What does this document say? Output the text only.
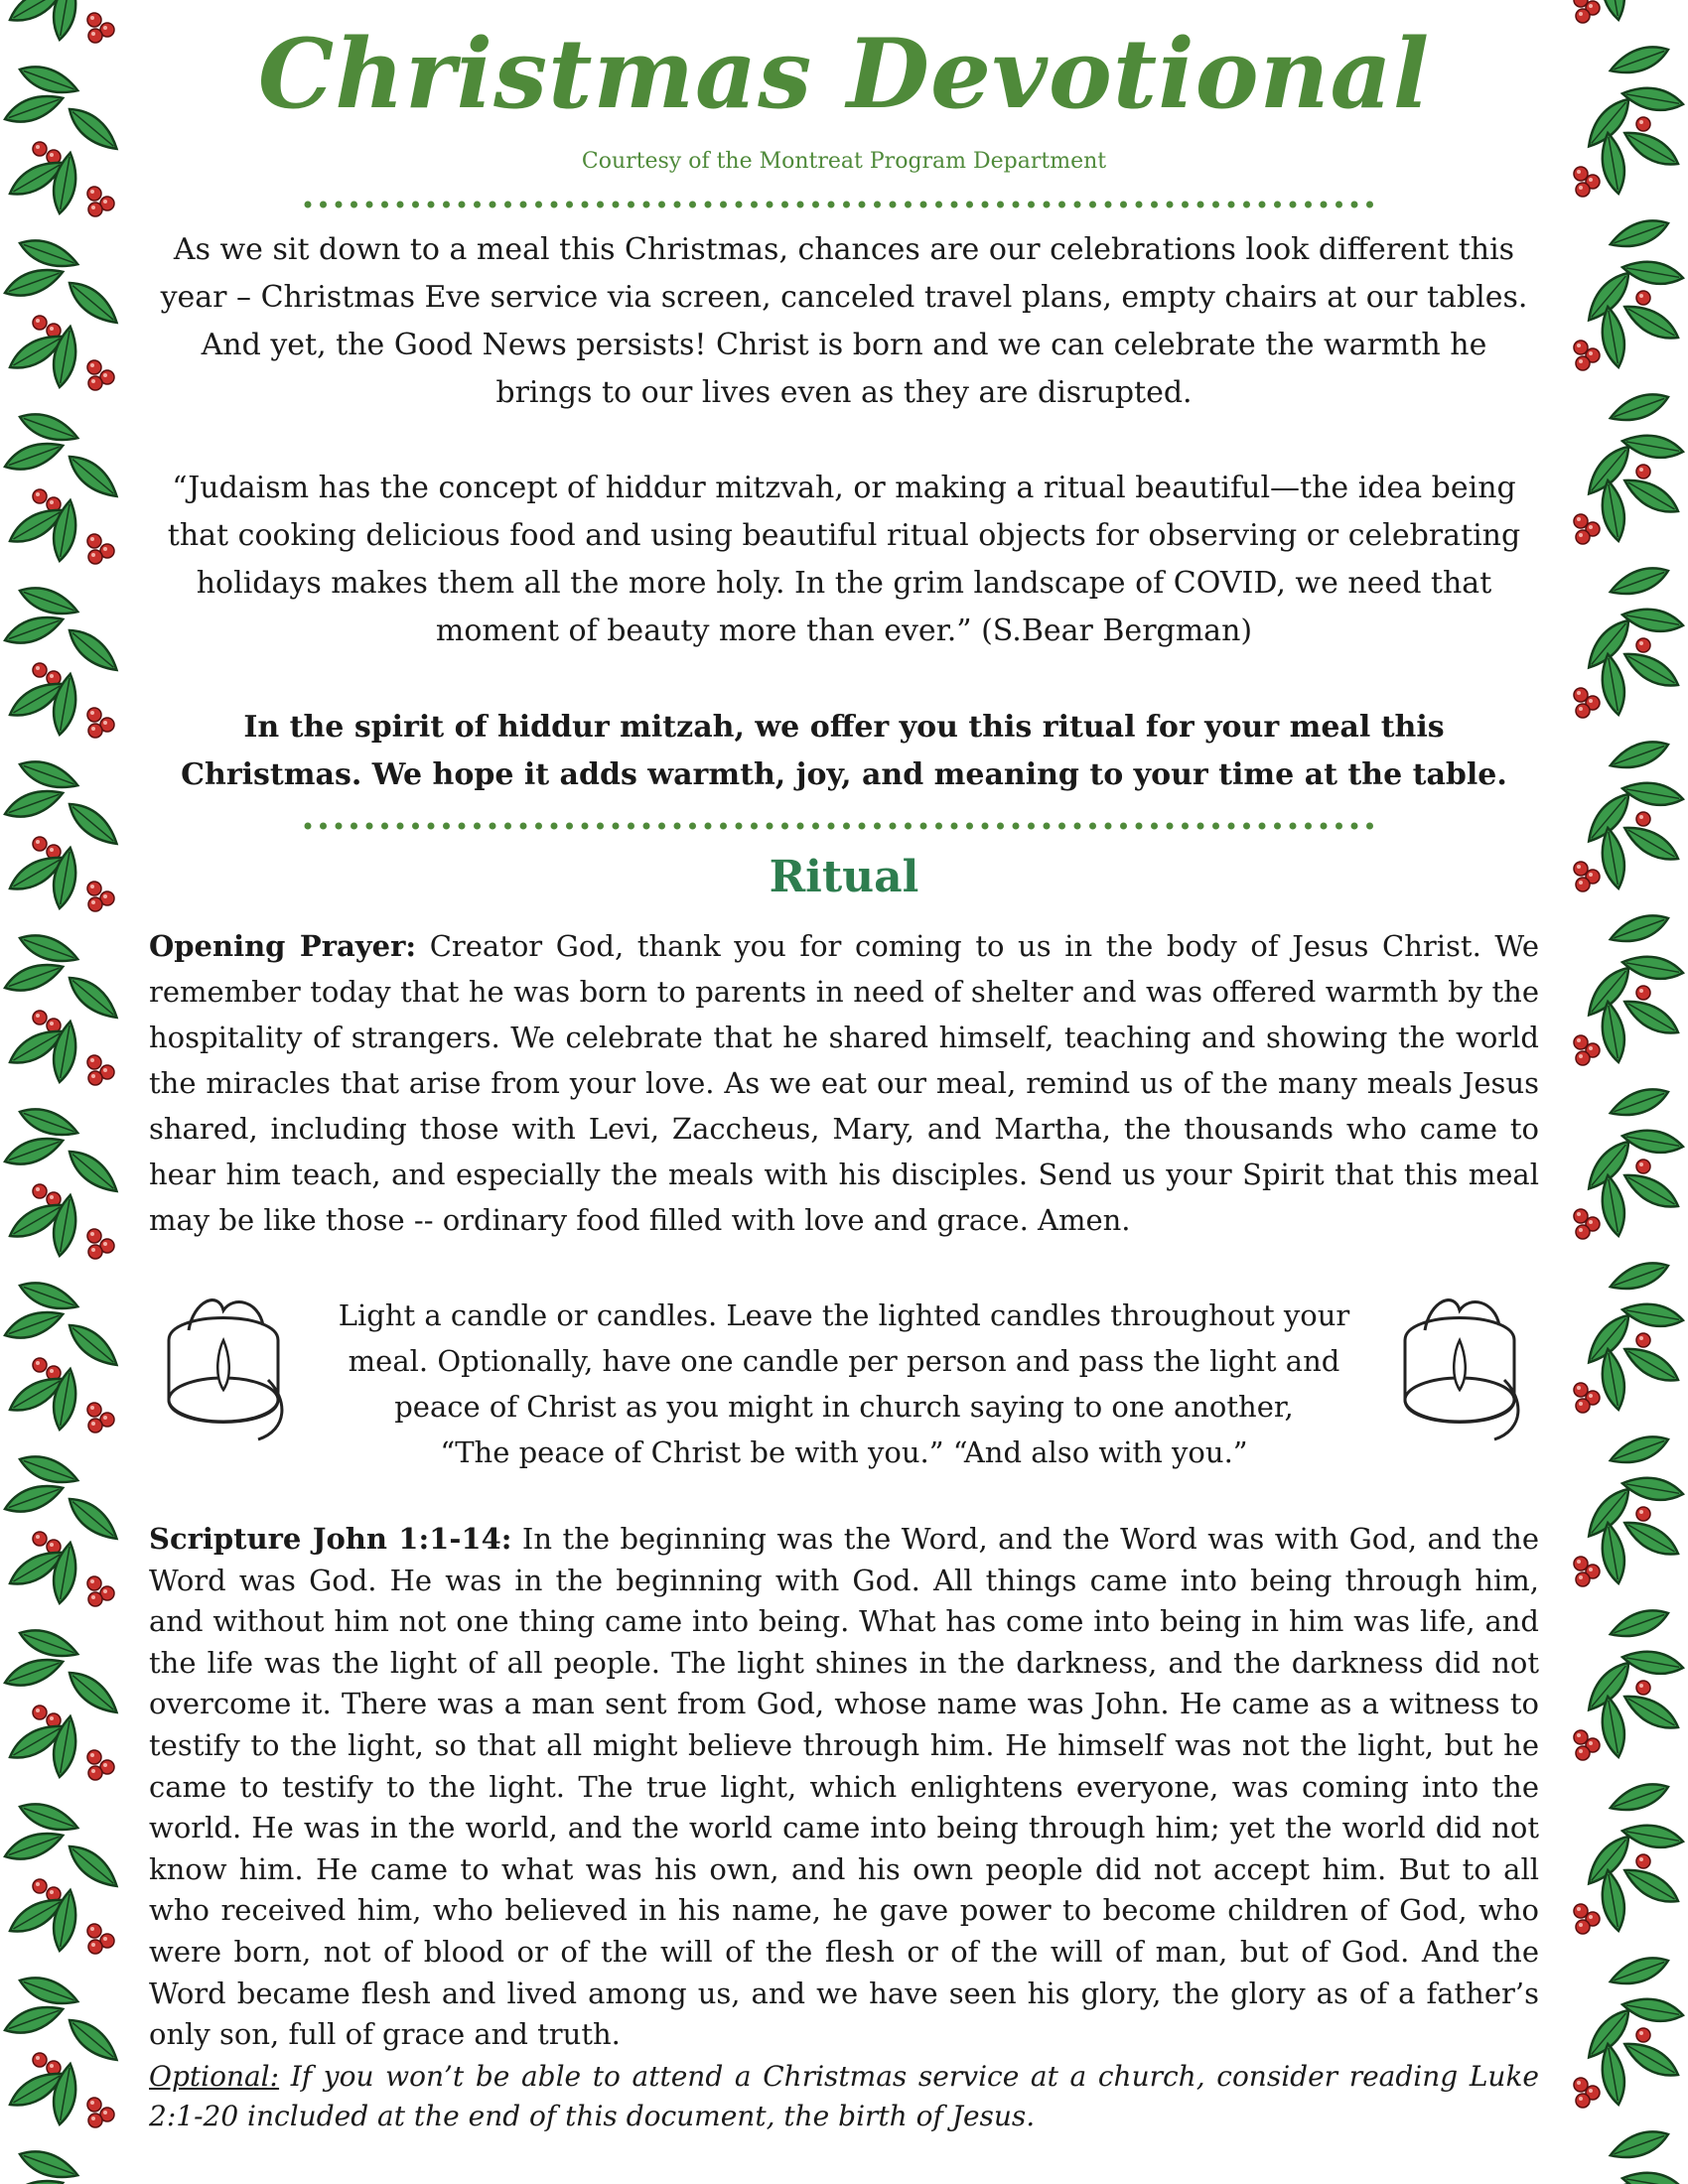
Christmas Devotional
Courtesy of the Montreat Program Department
As we sit down to a meal this Christmas, chances are our celebrations look different this year – Christmas Eve service via screen, canceled travel plans, empty chairs at our tables. And yet, the Good News persists! Christ is born and we can celebrate the warmth he brings to our lives even as they are disrupted.
“Judaism has the concept of hiddur mitzvah, or making a ritual beautiful—the idea being that cooking delicious food and using beautiful ritual objects for observing or celebrating holidays makes them all the more holy. In the grim landscape of COVID, we need that moment of beauty more than ever.” (S.Bear Bergman)
In the spirit of hiddur mitzah, we offer you this ritual for your meal this Christmas. We hope it adds warmth, joy, and meaning to your time at the table.
Ritual
Opening Prayer: Creator God, thank you for coming to us in the body of Jesus Christ. We remember today that he was born to parents in need of shelter and was offered warmth by the hospitality of strangers. We celebrate that he shared himself, teaching and showing the world the miracles that arise from your love. As we eat our meal, remind us of the many meals Jesus shared, including those with Levi, Zaccheus, Mary, and Martha, the thousands who came to hear him teach, and especially the meals with his disciples. Send us your Spirit that this meal may be like those -- ordinary food filled with love and grace. Amen.
Light a candle or candles. Leave the lighted candles throughout your meal. Optionally, have one candle per person and pass the light and peace of Christ as you might in church saying to one another,
“The peace of Christ be with you.” “And also with you.”
Scripture John 1:1-14: In the beginning was the Word, and the Word was with God, and the Word was God. He was in the beginning with God. All things came into being through him, and without him not one thing came into being. What has come into being in him was life, and the life was the light of all people. The light shines in the darkness, and the darkness did not overcome it. There was a man sent from God, whose name was John. He came as a witness to testify to the light, so that all might believe through him. He himself was not the light, but he came to testify to the light. The true light, which enlightens everyone, was coming into the world. He was in the world, and the world came into being through him; yet the world did not know him. He came to what was his own, and his own people did not accept him. But to all who received him, who believed in his name, he gave power to become children of God, who were born, not of blood or of the will of the flesh or of the will of man, but of God. And the Word became flesh and lived among us, and we have seen his glory, the glory as of a father’s only son, full of grace and truth.
Optional: If you won’t be able to attend a Christmas service at a church, consider reading Luke 2:1-20 included at the end of this document, the birth of Jesus.
